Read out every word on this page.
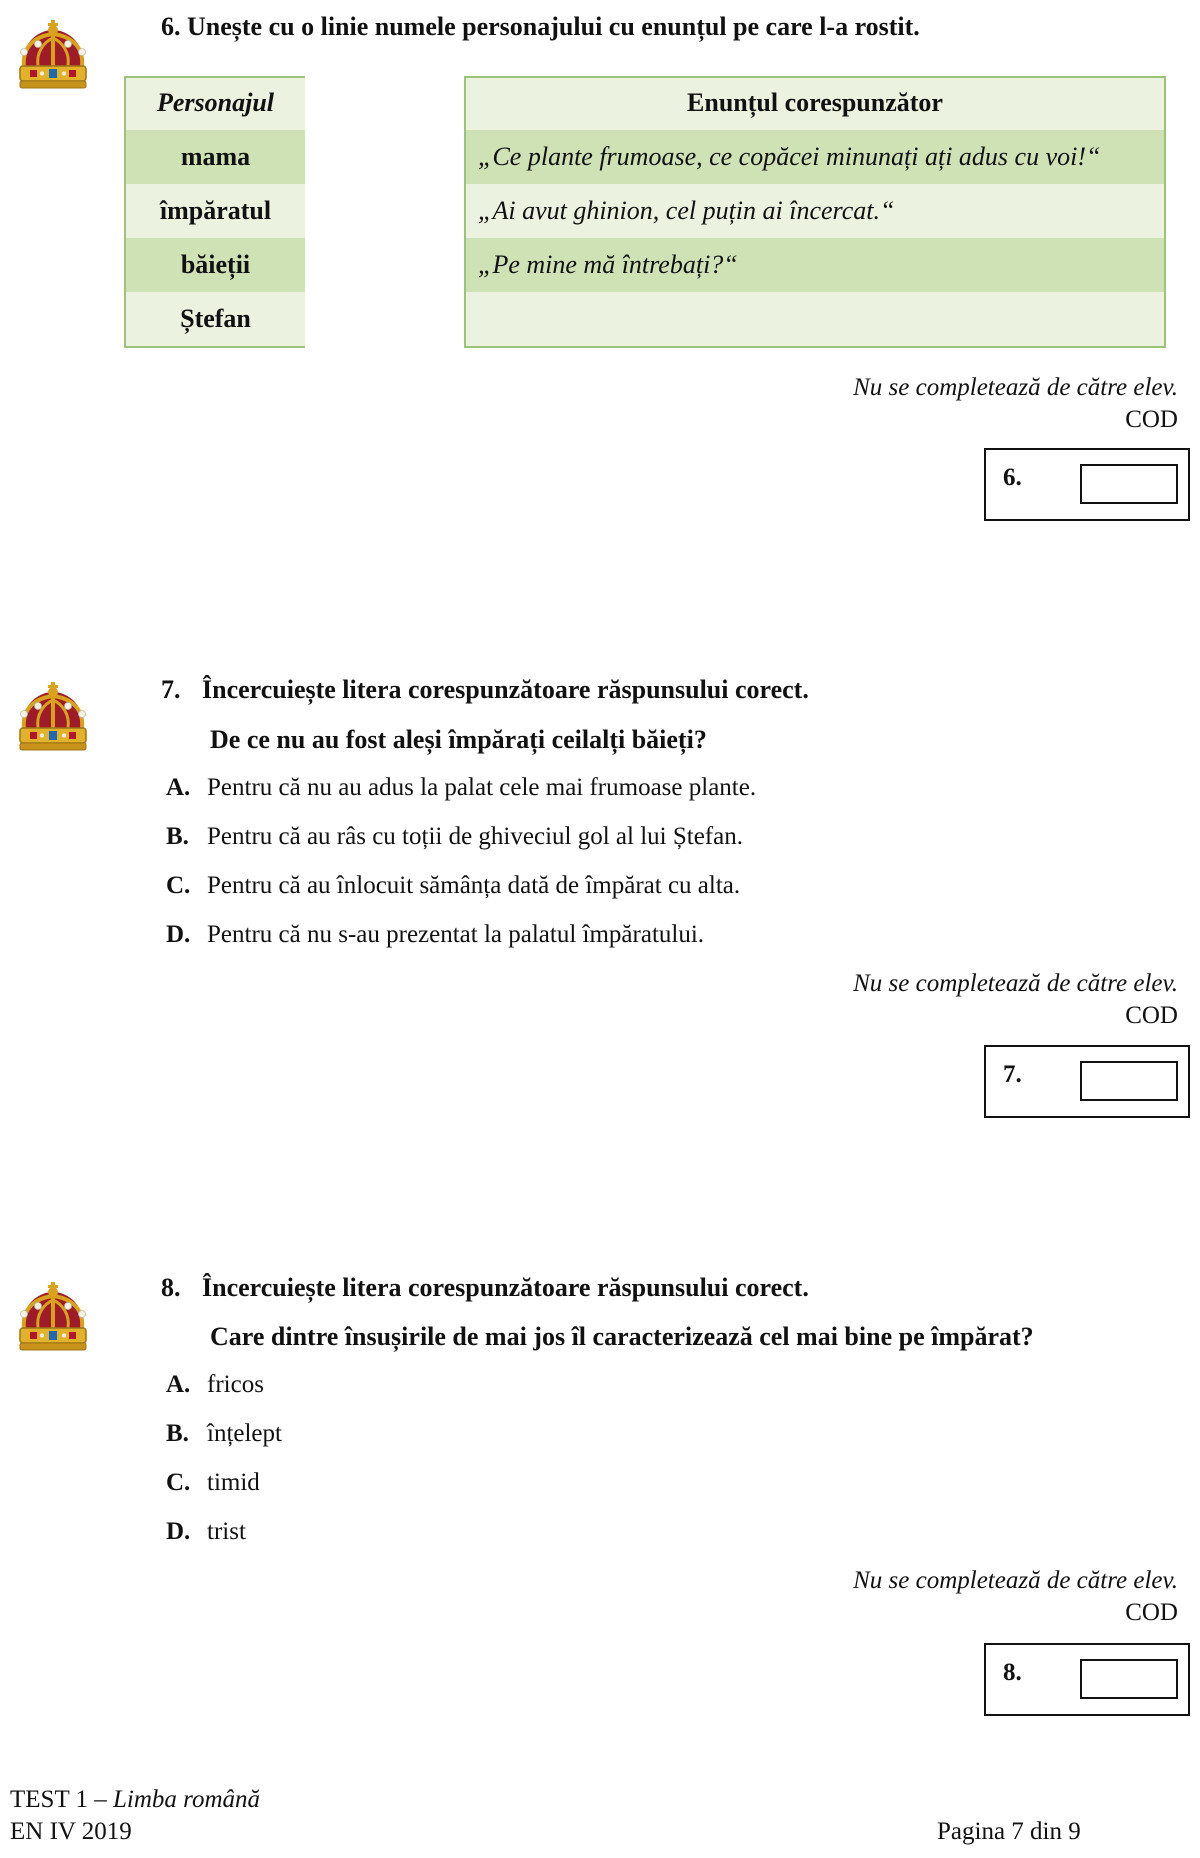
6. Unește cu o linie numele personajului cu enunțul pe care l-a rostit.
Personajul
mama
împăratul
băieții
Ștefan
Enunțul corespunzător
„Ce plante frumoase, ce copăcei minunați ați adus cu voi!“
„Ai avut ghinion, cel puțin ai încercat.“
„Pe mine mă întrebați?“
Nu se completează de către elev.
COD
6.
7. Încercuiește litera corespunzătoare răspunsului corect.
De ce nu au fost aleși împărați ceilalți băieți?
A. Pentru că nu au adus la palat cele mai frumoase plante.
B. Pentru că au râs cu toții de ghiveciul gol al lui Ștefan.
C. Pentru că au înlocuit sămânța dată de împărat cu alta.
D. Pentru că nu s-au prezentat la palatul împăratului.
Nu se completează de către elev.
COD
7.
8. Încercuiește litera corespunzătoare răspunsului corect.
Care dintre însușirile de mai jos îl caracterizează cel mai bine pe împărat?
A. fricos
B. înțelept
C. timid
D. trist
Nu se completează de către elev.
COD
8.
TEST 1 – Limba română
EN IV 2019	Pagina 7 din 9
